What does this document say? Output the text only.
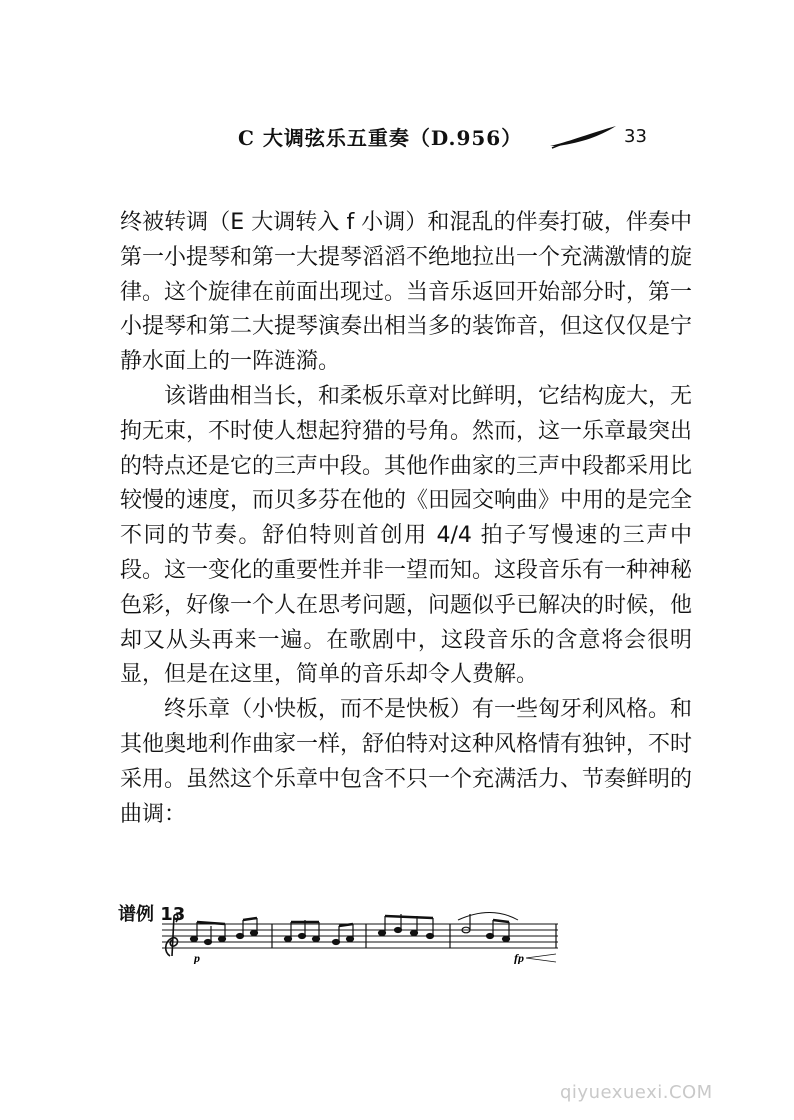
C 大调弦乐五重奏（D.956）	33

终被转调（E 大调转入 f 小调）和混乱的伴奏打破，伴奏中第一小提琴和第一大提琴滔滔不绝地拉出一个充满激情的旋律。这个旋律在前面出现过。当音乐返回开始部分时，第一小提琴和第二大提琴演奏出相当多的装饰音，但这仅仅是宁静水面上的一阵涟漪。

该谐曲相当长，和柔板乐章对比鲜明，它结构庞大，无拘无束，不时使人想起狩猎的号角。然而，这一乐章最突出的特点还是它的三声中段。其他作曲家的三声中段都采用比较慢的速度，而贝多芬在他的《田园交响曲》中用的是完全不同的节奏。舒伯特则首创用 4/4 拍子写慢速的三声中段。这一变化的重要性并非一望而知。这段音乐有一种神秘色彩，好像一个人在思考问题，问题似乎已解决的时候，他却又从头再来一遍。在歌剧中，这段音乐的含意将会很明显，但是在这里，简单的音乐却令人费解。

终乐章（小快板，而不是快板）有一些匈牙利风格。和其他奥地利作曲家一样，舒伯特对这种风格情有独钟，不时采用。虽然这个乐章中包含不只一个充满活力、节奏鲜明的曲调：

谱例 13
p	fp
qiyuexuexi.COM
